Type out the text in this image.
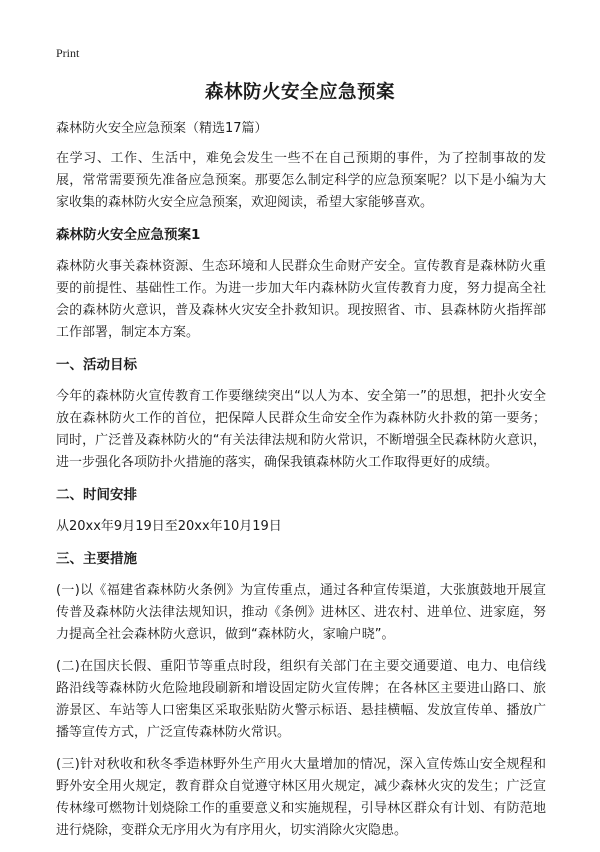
Print
森林防火安全应急预案

森林防火安全应急预案（精选17篇）

在学习、工作、生活中，难免会发生一些不在自己预期的事件，为了控制事故的发展，常常需要预先准备应急预案。那要怎么制定科学的应急预案呢？以下是小编为大家收集的森林防火安全应急预案，欢迎阅读，希望大家能够喜欢。

森林防火安全应急预案1

森林防火事关森林资源、生态环境和人民群众生命财产安全。宣传教育是森林防火重要的前提性、基础性工作。为进一步加大年内森林防火宣传教育力度，努力提高全社会的森林防火意识，普及森林火灾安全扑救知识。现按照省、市、县森林防火指挥部工作部署，制定本方案。

一、活动目标

今年的森林防火宣传教育工作要继续突出“以人为本、安全第一”的思想，把扑火安全放在森林防火工作的首位，把保障人民群众生命安全作为森林防火扑救的第一要务；同时，广泛普及森林防火的“有关法律法规和防火常识，不断增强全民森林防火意识，进一步强化各项防扑火措施的落实，确保我镇森林防火工作取得更好的成绩。

二、时间安排

从20xx年9月19日至20xx年10月19日

三、主要措施

(一)以《福建省森林防火条例》为宣传重点，通过各种宣传渠道，大张旗鼓地开展宣传普及森林防火法律法规知识，推动《条例》进林区、进农村、进单位、进家庭，努力提高全社会森林防火意识，做到“森林防火，家喻户晓”。

(二)在国庆长假、重阳节等重点时段，组织有关部门在主要交通要道、电力、电信线路沿线等森林防火危险地段刷新和增设固定防火宣传牌；在各林区主要进山路口、旅游景区、车站等人口密集区采取张贴防火警示标语、悬挂横幅、发放宣传单、播放广播等宣传方式，广泛宣传森林防火常识。

(三)针对秋收和秋冬季造林野外生产用火大量增加的情况，深入宣传炼山安全规程和野外安全用火规定，教育群众自觉遵守林区用火规定，减少森林火灾的发生；广泛宣传林缘可燃物计划烧除工作的重要意义和实施规程，引导林区群众有计划、有防范地进行烧除，变群众无序用火为有序用火，切实消除火灾隐患。
